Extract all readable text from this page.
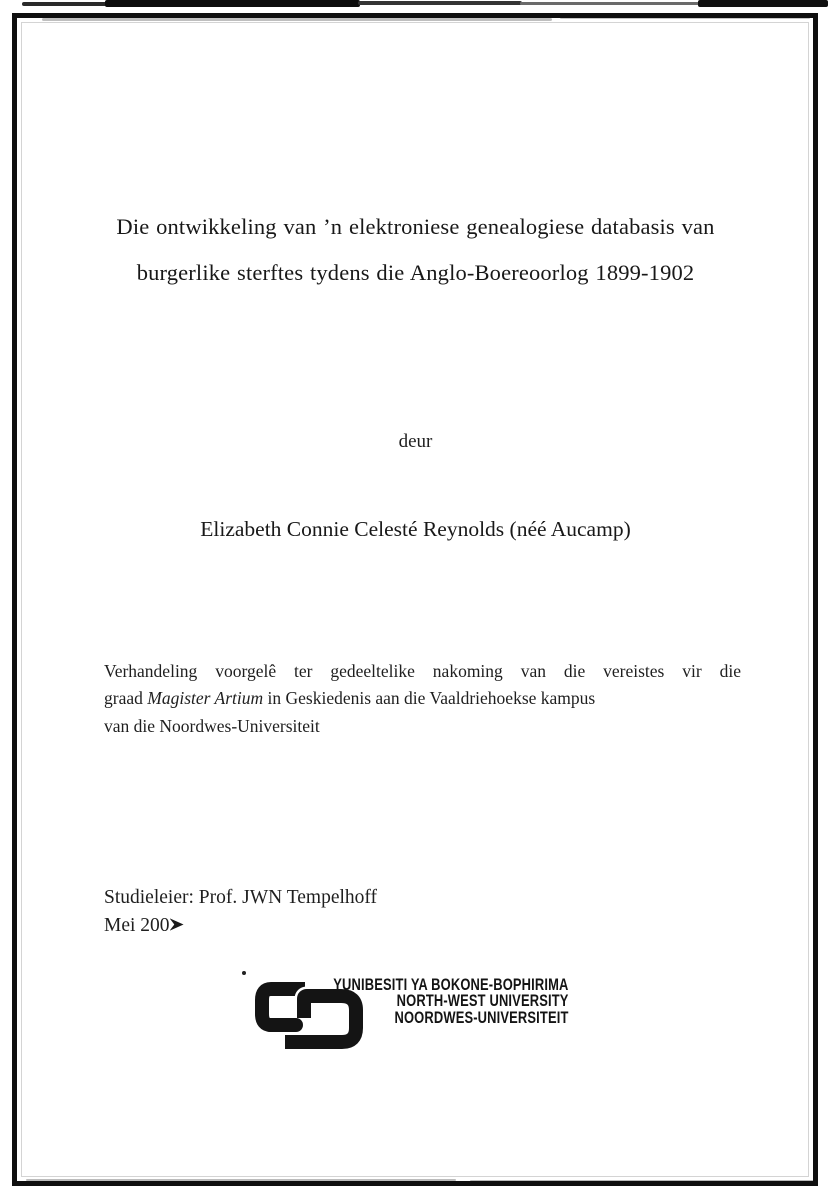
Die ontwikkeling van ’n elektroniese genealogiese databasis van
burgerlike sterftes tydens die Anglo-Boereoorlog 1899-1902
deur
Elizabeth Connie Celesté Reynolds (néé Aucamp)
Verhandeling voorgelê ter gedeeltelike nakoming van die vereistes vir die
graad Magister Artium in Geskiedenis aan die Vaaldriehoekse kampus
van die Noordwes-Universiteit
Studieleier: Prof. JWN Tempelhoff
Mei 200
YUNIBESITI YA BOKONE-BOPHIRIMA
NORTH-WEST UNIVERSITY
NOORDWES-UNIVERSITEIT
